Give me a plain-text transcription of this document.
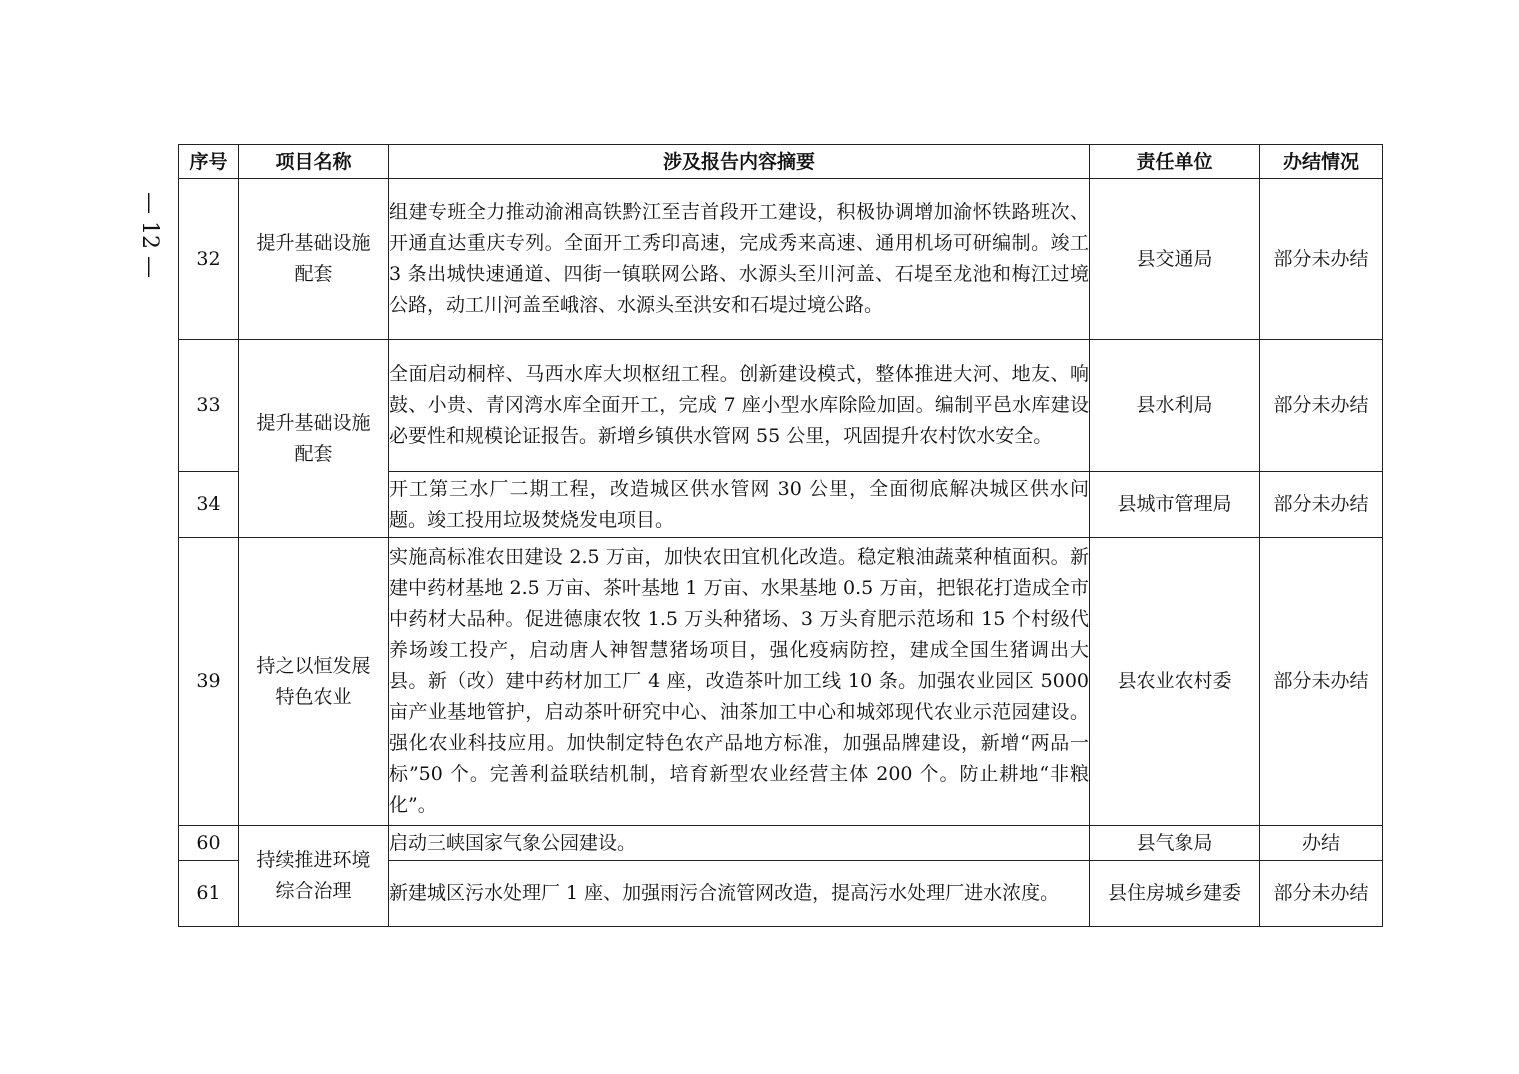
— 12 —
序号	项目名称	涉及报告内容摘要	责任单位	办结情况
32	提升基础设施配套	组建专班全力推动渝湘高铁黔江至吉首段开工建设，积极协调增加渝怀铁路班次、开通直达重庆专列。全面开工秀印高速，完成秀来高速、通用机场可研编制。竣工 3 条出城快速通道、四街一镇联网公路、水源头至川河盖、石堤至龙池和梅江过境公路，动工川河盖至峨溶、水源头至洪安和石堤过境公路。	县交通局	部分未办结
33	提升基础设施配套	全面启动桐梓、马西水库大坝枢纽工程。创新建设模式，整体推进大河、地友、响鼓、小贵、青冈湾水库全面开工，完成 7 座小型水库除险加固。编制平邑水库建设必要性和规模论证报告。新增乡镇供水管网 55 公里，巩固提升农村饮水安全。	县水利局	部分未办结
34		开工第三水厂二期工程，改造城区供水管网 30 公里，全面彻底解决城区供水问题。竣工投用垃圾焚烧发电项目。	县城市管理局	部分未办结
39	持之以恒发展特色农业	实施高标准农田建设 2.5 万亩，加快农田宜机化改造。稳定粮油蔬菜种植面积。新建中药材基地 2.5 万亩、茶叶基地 1 万亩、水果基地 0.5 万亩，把银花打造成全市中药材大品种。促进德康农牧 1.5 万头种猪场、3 万头育肥示范场和 15 个村级代养场竣工投产，启动唐人神智慧猪场项目，强化疫病防控，建成全国生猪调出大县。新（改）建中药材加工厂 4 座，改造茶叶加工线 10 条。加强农业园区 5000 亩产业基地管护，启动茶叶研究中心、油茶加工中心和城郊现代农业示范园建设。强化农业科技应用。加快制定特色农产品地方标准，加强品牌建设，新增“两品一标”50 个。完善利益联结机制，培育新型农业经营主体 200 个。防止耕地“非粮化”。	县农业农村委	部分未办结
60	持续推进环境综合治理	启动三峡国家气象公园建设。	县气象局	办结
61		新建城区污水处理厂 1 座、加强雨污合流管网改造，提高污水处理厂进水浓度。	县住房城乡建委	部分未办结
